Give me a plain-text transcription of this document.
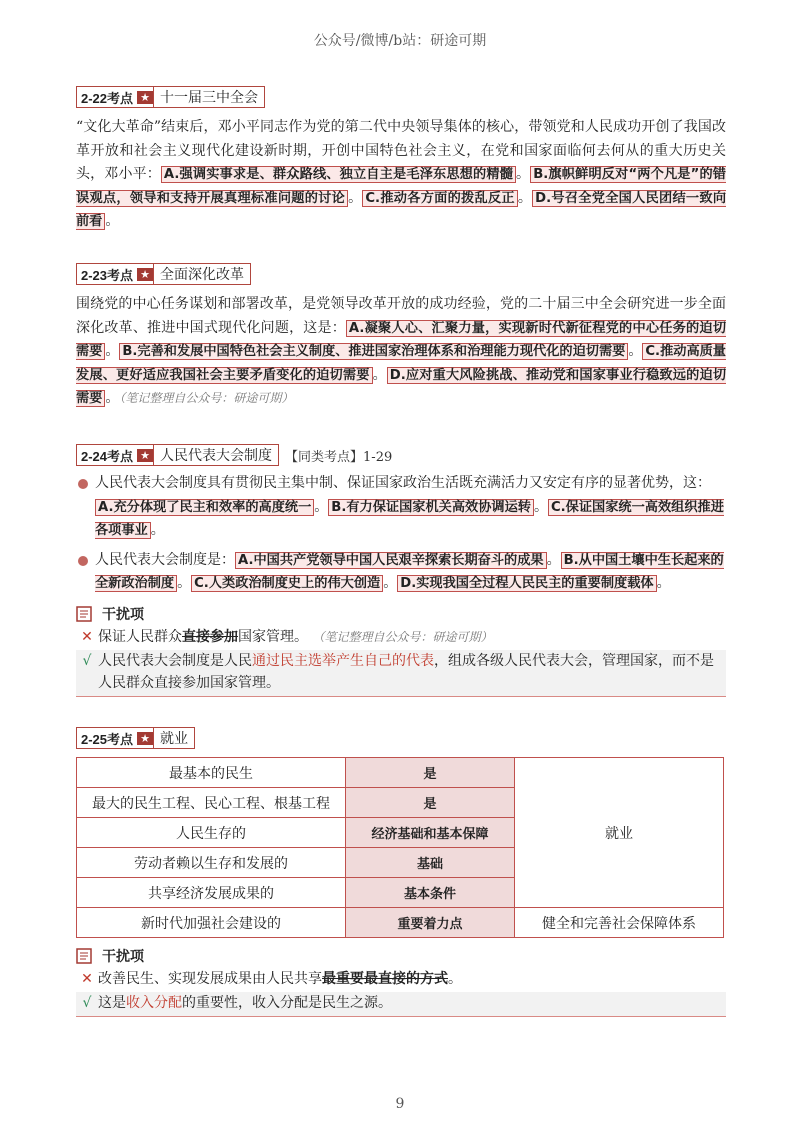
公众号/微博/b站：研途可期
2-22考点 ★ 十一届三中全会

“文化大革命”结束后，邓小平同志作为党的第二代中央领导集体的核心，带领党和人民成功开创了我国改革开放和社会主义现代化建设新时期，开创中国特色社会主义，在党和国家面临何去何从的重大历史关头，邓小平： A.强调实事求是、群众路线、独立自主是毛泽东思想的精髓 。 B.旗帜鲜明反对“两个凡是”的错误观点，领导和支持开展真理标准问题的讨论 。 C.推动各方面的拨乱反正 。 D.号召全党全国人民团结一致向前看 。

2-23考点 ★ 全面深化改革

围绕党的中心任务谋划和部署改革，是党领导改革开放的成功经验，党的二十届三中全会研究进一步全面深化改革、推进中国式现代化问题，这是： A.凝聚人心、汇聚力量，实现新时代新征程党的中心任务的迫切需要 。 B.完善和发展中国特色社会主义制度、推进国家治理体系和治理能力现代化的迫切需要 。 C.推动高质量发展、更好适应我国社会主要矛盾变化的迫切需要 。 D.应对重大风险挑战、推动党和国家事业行稳致远的迫切需要 。（笔记整理自公众号：研途可期）

2-24考点 ★ 人民代表大会制度	【同类考点】1-29
人民代表大会制度具有贯彻民主集中制、保证国家政治生活既充满活力又安定有序的显著优势，这：A.充分体现了民主和效率的高度统一 。 B.有力保证国家机关高效协调运转 。 C.保证国家统一高效组织推进各项事业 。
人民代表大会制度是： A.中国共产党领导中国人民艰辛探索长期奋斗的成果 。 B.从中国土壤中生长起来的全新政治制度 。 C.人类政治制度史上的伟大创造 。 D.实现我国全过程人民民主的重要制度载体 。
干扰项
✕ 保证人民群众直接参加国家管理。 （笔记整理自公众号：研途可期）
√ 人民代表大会制度是人民通过民主选举产生自己的代表，组成各级人民代表大会，管理国家，而不是人民群众直接参加国家管理。
2-25考点 ★ 就业
最基本的民生	是	就业
最大的民生工程、民心工程、根基工程	是	
人民生存的	经济基础和基本保障	
劳动者赖以生存和发展的	基础	
共享经济发展成果的	基本条件	
新时代加强社会建设的	重要着力点	健全和完善社会保障体系
干扰项
✕ 改善民生、实现发展成果由人民共享最重要最直接的方式。
√ 这是收入分配的重要性，收入分配是民生之源。
9
